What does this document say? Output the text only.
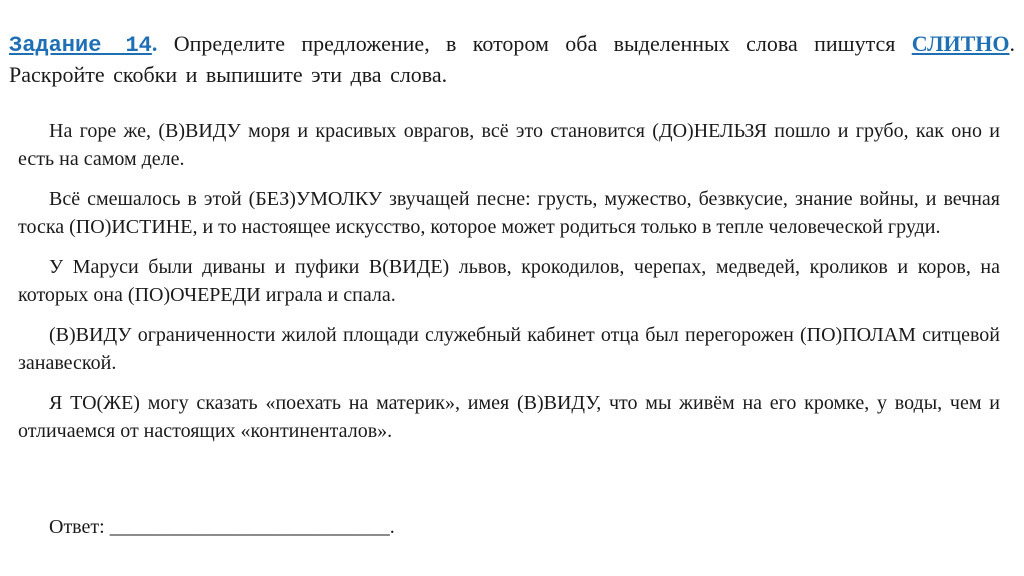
Задание 14. Определите предложение, в котором оба выделенных слова пишутся СЛИТНО. Раскройте скобки и выпишите эти два слова.

На горе же, (В)ВИДУ моря и красивых оврагов, всё это становится (ДО)НЕЛЬЗЯ пошло и грубо, как оно и есть на самом деле.

Всё смешалось в этой (БЕЗ)УМОЛКУ звучащей песне: грусть, мужество, безвкусие, знание войны, и вечная тоска (ПО)ИСТИНЕ, и то настоящее искусство, которое может родиться только в тепле человеческой груди.

У Маруси были диваны и пуфики В(ВИДЕ) львов, крокодилов, черепах, медведей, кроликов и коров, на которых она (ПО)ОЧЕРЕДИ играла и спала.

(В)ВИДУ ограниченности жилой площади служебный кабинет отца был перегорожен (ПО)ПОЛАМ ситцевой занавеской.

Я ТО(ЖЕ) могу сказать «поехать на материк», имея (В)ВИДУ, что мы живём на его кромке, у воды, чем и отличаемся от настоящих «континенталов».

Ответ: ____________________________.
